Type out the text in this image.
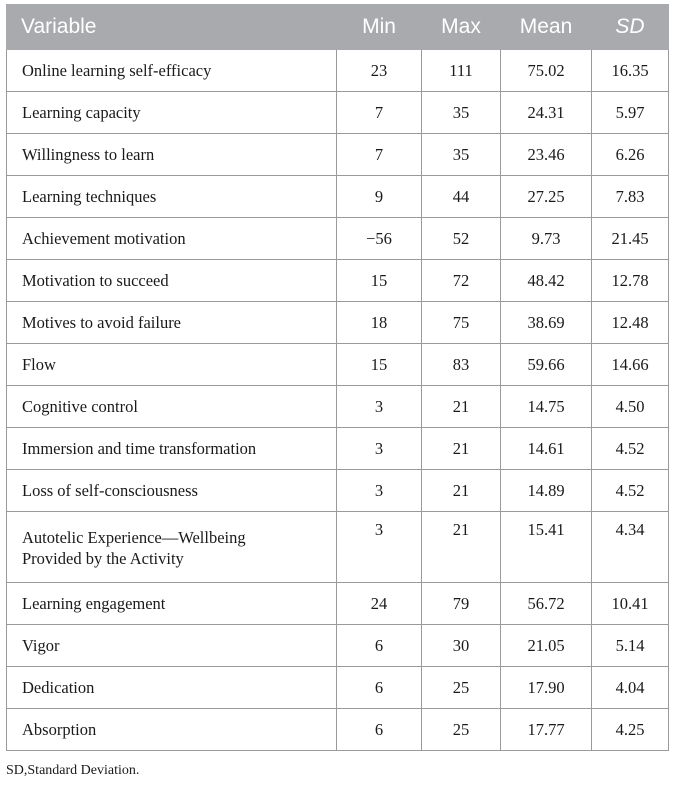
Variable	Min	Max	Mean	SD
Online learning self-efficacy	23	111	75.02	16.35
Learning capacity	7	35	24.31	5.97
Willingness to learn	7	35	23.46	6.26
Learning techniques	9	44	27.25	7.83
Achievement motivation	−56	52	9.73	21.45
Motivation to succeed	15	72	48.42	12.78
Motives to avoid failure	18	75	38.69	12.48
Flow	15	83	59.66	14.66
Cognitive control	3	21	14.75	4.50
Immersion and time transformation	3	21	14.61	4.52
Loss of self-consciousness	3	21	14.89	4.52
Autotelic Experience—Wellbeing
Provided by the Activity	3	21	15.41	4.34
Learning engagement	24	79	56.72	10.41
Vigor	6	30	21.05	5.14
Dedication	6	25	17.90	4.04
Absorption	6	25	17.77	4.25
SD,Standard Deviation.
